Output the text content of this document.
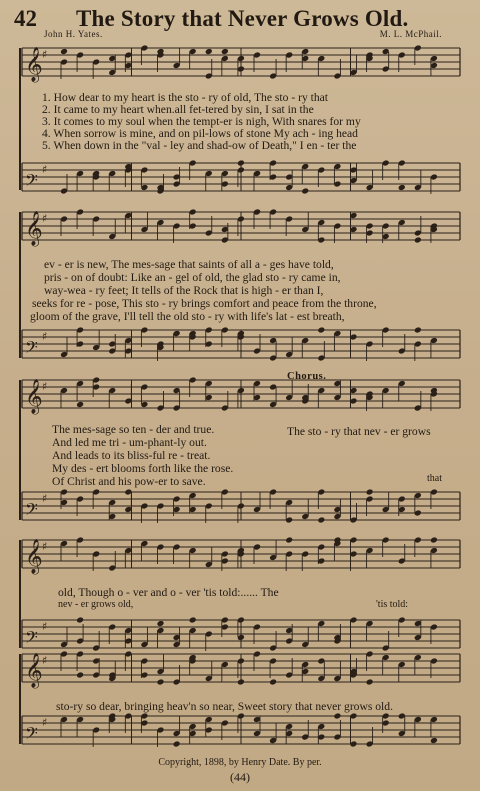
42 The Story that Never Grows Old.
John H. Yates.	M. L. McPhail.
𝄞 ♯
𝄢
♯
𝄞 ♯
𝄢
♯
𝄞 ♯
𝄢
♯
𝄞 ♯
𝄢
♯
𝄞 ♯
𝄢
♯
1. How dear to my heart is the sto - ry of old, The sto - ry that
2. It came to my heart when.all fet-tered by sin, I sat in the
3. It comes to my soul when the tempt-er is nigh, With snares for my
4. When sorrow is mine, and on pil-lows of stone My ach - ing head
5. When down in the "val - ley and shad-ow of Death," I en - ter the
ev - er is new, The mes-sage that saints of all a - ges have told,
pris - on of doubt: Like an - gel of old, the glad sto - ry came in,
way-wea - ry feet; It tells of the Rock that is high - er than I,
seeks for re - pose, This sto - ry brings comfort and peace from the throne,
gloom of the grave, I'll tell the old sto - ry with life's lat - est breath,
Chorus.
The mes-sage so ten - der and true.
And led me tri - um-phant-ly out.
And leads to its bliss-ful re - treat.
My des - ert blooms forth like the rose.
Of Christ and his pow-er to save.
The sto - ry that nev - er grows
that
old, Though o - ver and o - ver 'tis told:...... The
nev - er grows old,	'tis told:
sto-ry so dear, bringing heav'n so near, Sweet story that never grows old.
Copyright, 1898, by Henry Date. By per.
(44)
